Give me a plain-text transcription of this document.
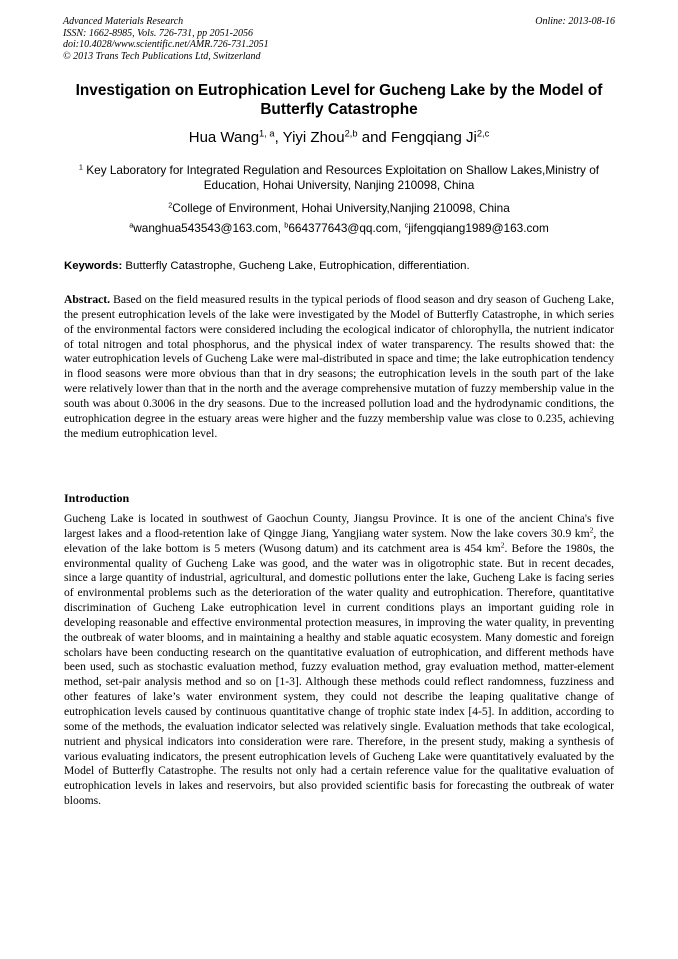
Advanced Materials Research
ISSN: 1662-8985, Vols. 726-731, pp 2051-2056
doi:10.4028/www.scientific.net/AMR.726-731.2051
© 2013 Trans Tech Publications Ltd, Switzerland
Online: 2013-08-16
Investigation on Eutrophication Level for Gucheng Lake by the Model of Butterfly Catastrophe
Hua Wang$^{1, a}$, Yiyi Zhou$^{2,b}$ and Fengqiang Ji$^{2,c}$
$^1$ Key Laboratory for Integrated Regulation and Resources Exploitation on Shallow Lakes,Ministry of Education, Hohai University, Nanjing 210098, China
$^2$College of Environment, Hohai University,Nanjing 210098, China
$^a$wanghua543543@163.com, $^b$664377643@qq.com, $^c$jifengqiang1989@163.com
Keywords: Butterfly Catastrophe, Gucheng Lake, Eutrophication, differentiation.
Abstract. Based on the field measured results in the typical periods of flood season and dry season of Gucheng Lake, the present eutrophication levels of the lake were investigated by the Model of Butterfly Catastrophe, in which series of the environmental factors were considered including the ecological indicator of chlorophylla, the nutrient indicator of total nitrogen and total phosphorus, and the physical index of water transparency. The results showed that: the water eutrophication levels of Gucheng Lake were mal-distributed in space and time; the lake eutrophication tendency in flood seasons were more obvious than that in dry seasons; the eutrophication levels in the south part of the lake were relatively lower than that in the north and the average comprehensive mutation of fuzzy membership value in the south was about 0.3006 in the dry seasons. Due to the increased pollution load and the hydrodynamic conditions, the eutrophication degree in the estuary areas were higher and the fuzzy membership value was close to 0.235, achieving the medium eutrophication level.
Introduction
Gucheng Lake is located in southwest of Gaochun County, Jiangsu Province. It is one of the ancient China's five largest lakes and a flood-retention lake of Qingge Jiang, Yangjiang water system. Now the lake covers 30.9 $km^2$, the elevation of the lake bottom is 5 meters (Wusong datum) and its catchment area is 454 $km^2$. Before the 1980s, the environmental quality of Gucheng Lake was good, and the water was in oligotrophic state. But in recent decades, since a large quantity of industrial, agricultural, and domestic pollutions enter the lake, Gucheng Lake is facing series of environmental problems such as the deterioration of the water quality and eutrophication. Therefore, quantitative discrimination of Gucheng Lake eutrophication level in current conditions plays an important guiding role in developing reasonable and effective environmental protection measures, in improving the water quality, in preventing the outbreak of water blooms, and in maintaining a healthy and stable aquatic ecosystem. Many domestic and foreign scholars have been conducting research on the quantitative evaluation of eutrophication, and different methods have been used, such as stochastic evaluation method, fuzzy evaluation method, gray evaluation method, matter-element method, set-pair analysis method and so on [1-3]. Although these methods could reflect randomness, fuzziness and other features of lake’s water environment system, they could not describe the leaping qualitative change of eutrophication levels caused by continuous quantitative change of trophic state index [4-5]. In addition, according to some of the methods, the evaluation indicator selected was relatively single. Evaluation methods that take ecological, nutrient and physical indicators into consideration were rare. Therefore, in the present study, making a synthesis of various evaluating indicators, the present eutrophication levels of Gucheng Lake were quantitatively evaluated by the Model of Butterfly Catastrophe. The results not only had a certain reference value for the qualitative evaluation of eutrophication levels in lakes and reservoirs, but also provided scientific basis for forecasting the outbreak of water blooms.
